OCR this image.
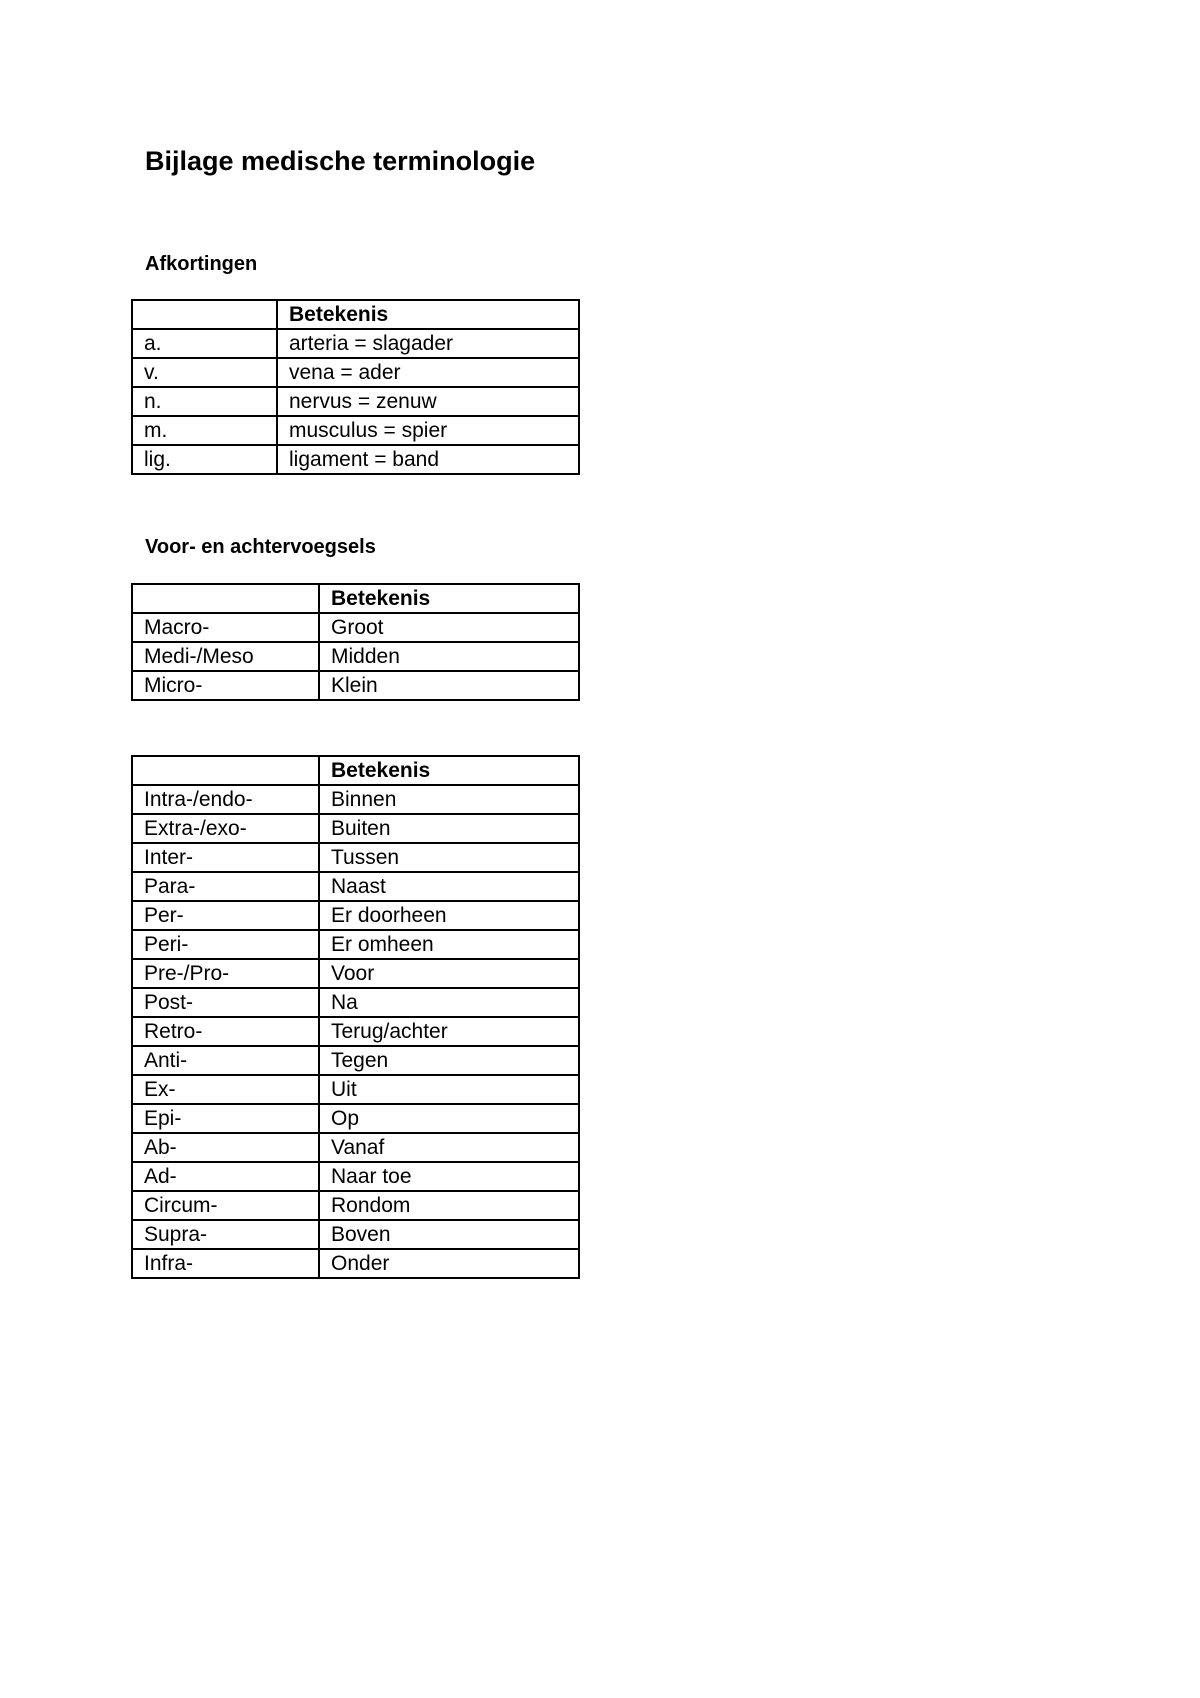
Bijlage medische terminologie
Afkortingen
	Betekenis
a.	arteria = slagader
v.	vena = ader
n.	nervus = zenuw
m.	musculus = spier
lig.	ligament = band
Voor- en achtervoegsels
	Betekenis
Macro-	Groot
Medi-/Meso	Midden
Micro-	Klein
	Betekenis
Intra-/endo-	Binnen
Extra-/exo-	Buiten
Inter-	Tussen
Para-	Naast
Per-	Er doorheen
Peri-	Er omheen
Pre-/Pro-	Voor
Post-	Na
Retro-	Terug/achter
Anti-	Tegen
Ex-	Uit
Epi-	Op
Ab-	Vanaf
Ad-	Naar toe
Circum-	Rondom
Supra-	Boven
Infra-	Onder
